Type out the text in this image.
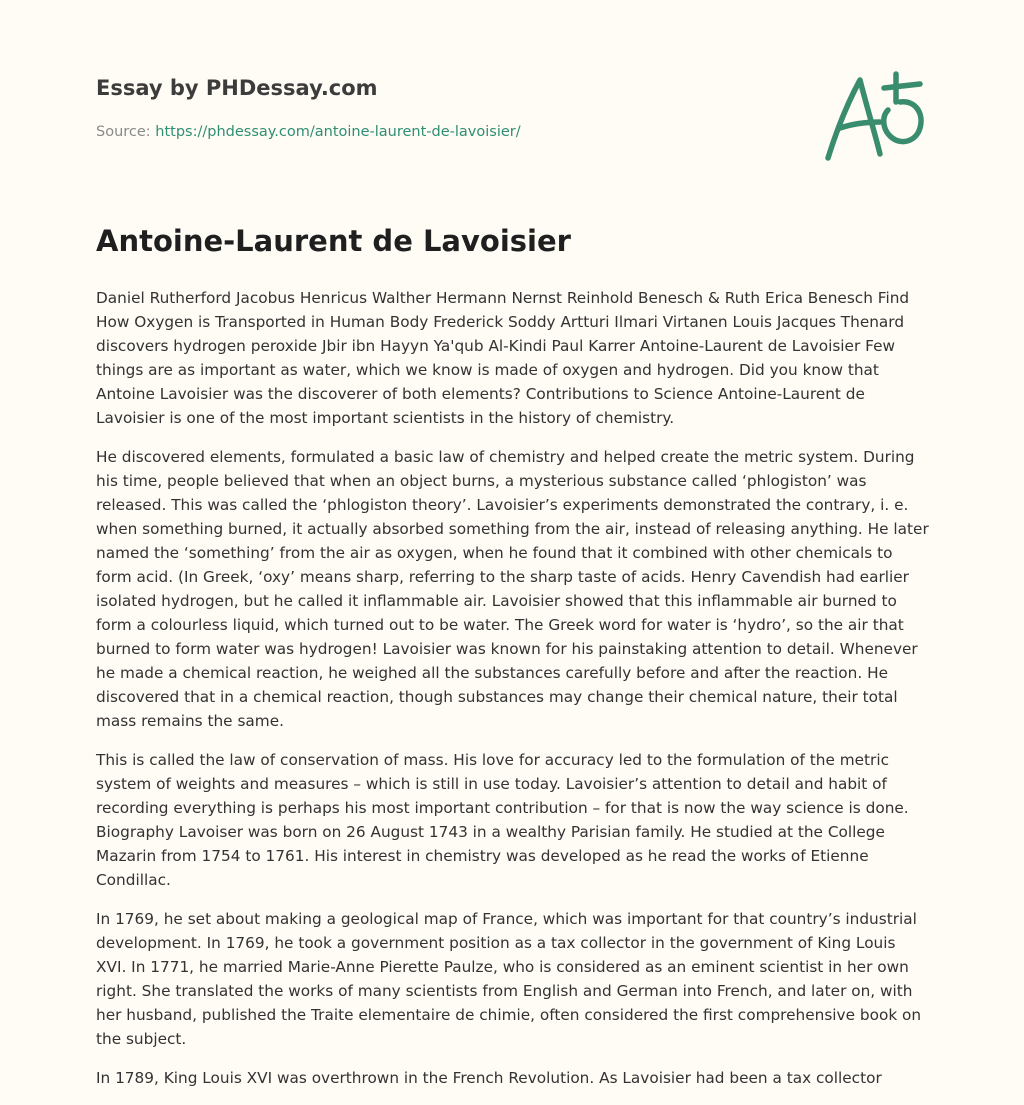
Essay by PHDessay.com
Source: https://phdessay.com/antoine-laurent-de-lavoisier/
Antoine-Laurent de Lavoisier

Daniel Rutherford Jacobus Henricus Walther Hermann Nernst Reinhold Benesch & Ruth Erica Benesch Find How Oxygen is Transported in Human Body Frederick Soddy Artturi Ilmari Virtanen Louis Jacques Thenard discovers hydrogen peroxide Jbir ibn Hayyn Ya'qub Al-Kindi Paul Karrer Antoine-Laurent de Lavoisier Few things are as important as water, which we know is made of oxygen and hydrogen. Did you know that Antoine Lavoisier was the discoverer of both elements? Contributions to Science Antoine-Laurent de Lavoisier is one of the most important scientists in the history of chemistry.

He discovered elements, formulated a basic law of chemistry and helped create the metric system. During his time, people believed that when an object burns, a mysterious substance called ‘phlogiston’ was released. This was called the ‘phlogiston theory’. Lavoisier’s experiments demonstrated the contrary, i. e. when something burned, it actually absorbed something from the air, instead of releasing anything. He later named the ‘something’ from the air as oxygen, when he found that it combined with other chemicals to form acid. (In Greek, ‘oxy’ means sharp, referring to the sharp taste of acids. Henry Cavendish had earlier isolated hydrogen, but he called it inflammable air. Lavoisier showed that this inflammable air burned to form a colourless liquid, which turned out to be water. The Greek word for water is ‘hydro’, so the air that burned to form water was hydrogen! Lavoisier was known for his painstaking attention to detail. Whenever he made a chemical reaction, he weighed all the substances carefully before and after the reaction. He discovered that in a chemical reaction, though substances may change their chemical nature, their total mass remains the same.

This is called the law of conservation of mass. His love for accuracy led to the formulation of the metric system of weights and measures – which is still in use today. Lavoisier’s attention to detail and habit of recording everything is perhaps his most important contribution – for that is now the way science is done. Biography Lavoiser was born on 26 August 1743 in a wealthy Parisian family. He studied at the College Mazarin from 1754 to 1761. His interest in chemistry was developed as he read the works of Etienne Condillac.

In 1769, he set about making a geological map of France, which was important for that country’s industrial development. In 1769, he took a government position as a tax collector in the government of King Louis XVI. In 1771, he married Marie-Anne Pierette Paulze, who is considered as an eminent scientist in her own right. She translated the works of many scientists from English and German into French, and later on, with her husband, published the Traite elementaire de chimie, often considered the first comprehensive book on the subject.

In 1789, King Louis XVI was overthrown in the French Revolution. As Lavoisier had been a tax collector
